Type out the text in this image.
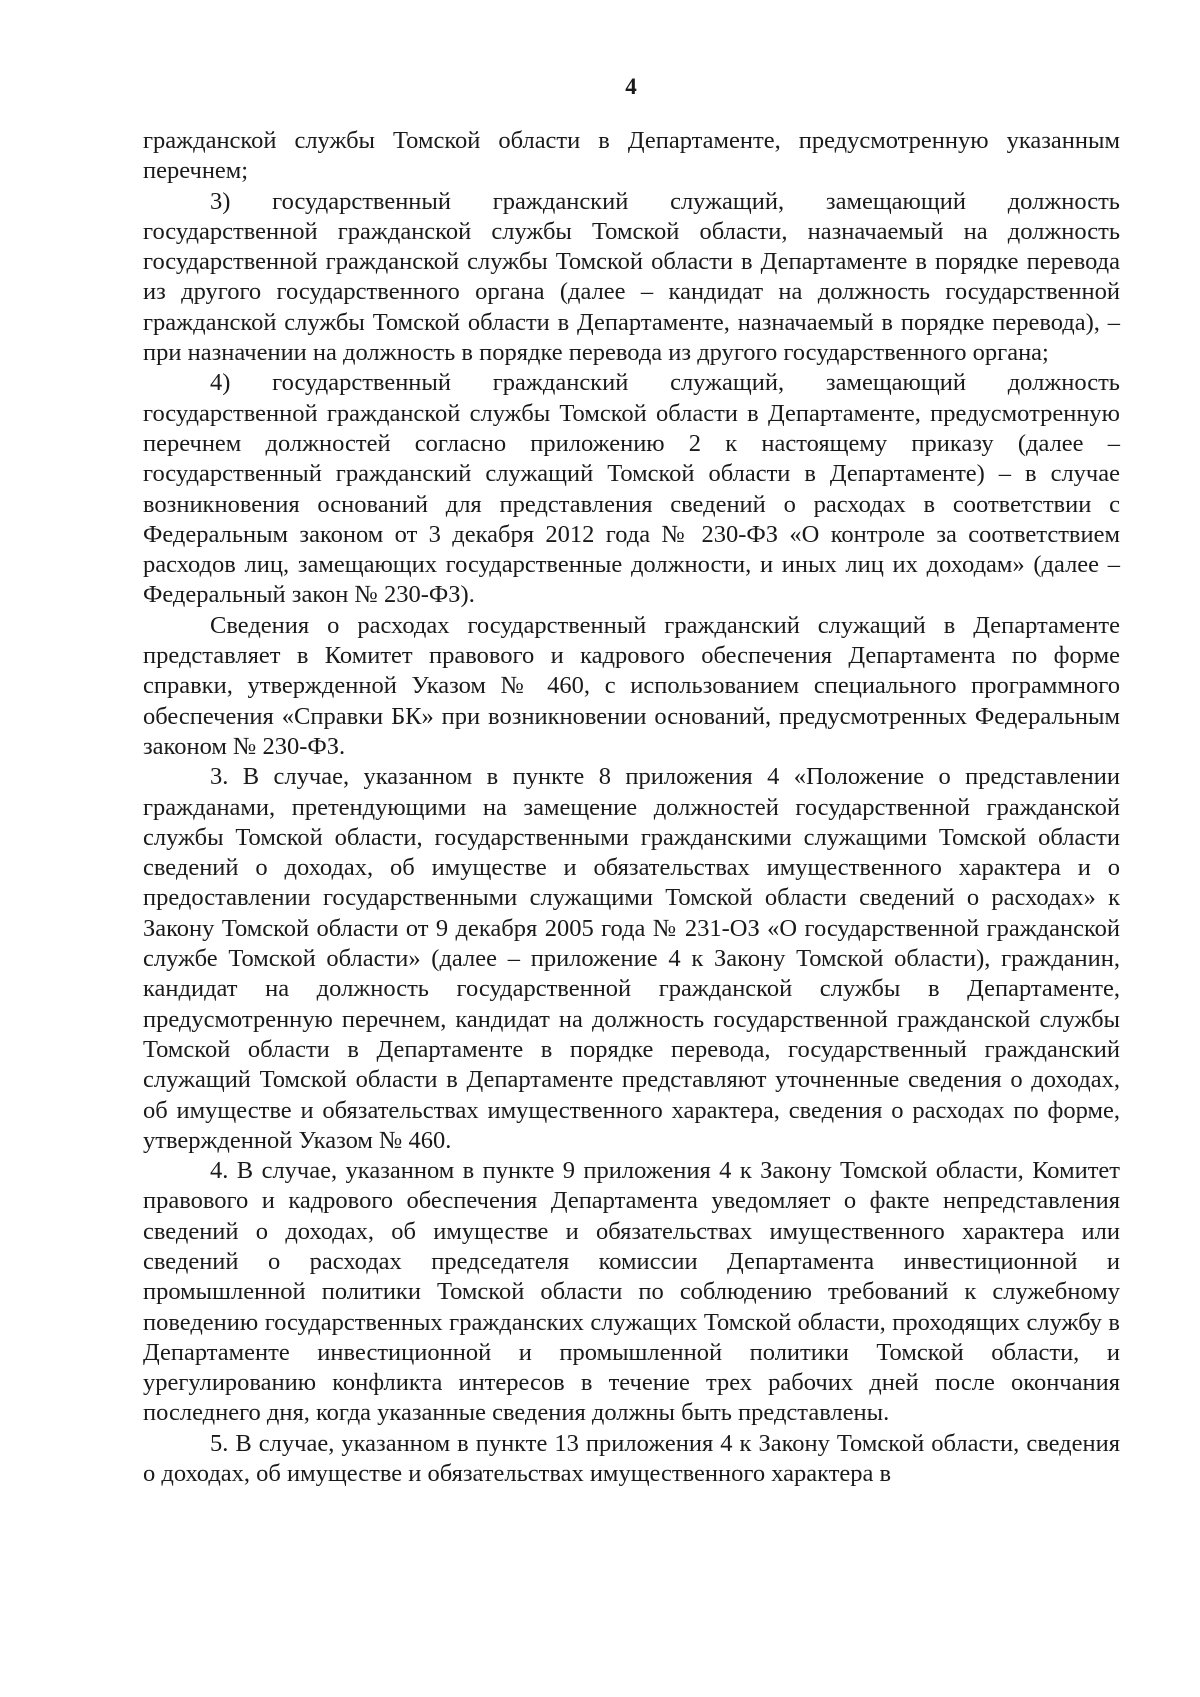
4

гражданской службы Томской области в Департаменте, предусмотренную указанным перечнем;

3) государственный гражданский служащий, замещающий должность государственной гражданской службы Томской области, назначаемый на должность государственной гражданской службы Томской области в Департаменте в порядке перевода из другого государственного органа (далее – кандидат на должность государственной гражданской службы Томской области в Департаменте, назначаемый в порядке перевода), – при назначении на должность в порядке перевода из другого государственного органа;

4) государственный гражданский служащий, замещающий должность государственной гражданской службы Томской области в Департаменте, предусмотренную перечнем должностей согласно приложению 2 к настоящему приказу (далее – государственный гражданский служащий Томской области в Департаменте) – в случае возникновения оснований для представления сведений о расходах в соответствии с Федеральным законом от 3 декабря 2012 года № 230-ФЗ «О контроле за соответствием расходов лиц, замещающих государственные должности, и иных лиц их доходам» (далее – Федеральный закон № 230-ФЗ).

Сведения о расходах государственный гражданский служащий в Департаменте представляет в Комитет правового и кадрового обеспечения Департамента по форме справки, утвержденной Указом № 460, с использованием специального программного обеспечения «Справки БК» при возникновении оснований, предусмотренных Федеральным законом № 230-ФЗ.

3. В случае, указанном в пункте 8 приложения 4 «Положение о представлении гражданами, претендующими на замещение должностей государственной гражданской службы Томской области, государственными гражданскими служащими Томской области сведений о доходах, об имуществе и обязательствах имущественного характера и о предоставлении государственными служащими Томской области сведений о расходах» к Закону Томской области от 9 декабря 2005 года № 231-ОЗ «О государственной гражданской службе Томской области» (далее – приложение 4 к Закону Томской области), гражданин, кандидат на должность государственной гражданской службы в Департаменте, предусмотренную перечнем, кандидат на должность государственной гражданской службы Томской области в Департаменте в порядке перевода, государственный гражданский служащий Томской области в Департаменте представляют уточненные сведения о доходах, об имуществе и обязательствах имущественного характера, сведения о расходах по форме, утвержденной Указом № 460.

4. В случае, указанном в пункте 9 приложения 4 к Закону Томской области, Комитет правового и кадрового обеспечения Департамента уведомляет о факте непредставления сведений о доходах, об имуществе и обязательствах имущественного характера или сведений о расходах председателя комиссии Департамента инвестиционной и промышленной политики Томской области по соблюдению требований к служебному поведению государственных гражданских служащих Томской области, проходящих службу в Департаменте инвестиционной и промышленной политики Томской области, и урегулированию конфликта интересов в течение трех рабочих дней после окончания последнего дня, когда указанные сведения должны быть представлены.

5. В случае, указанном в пункте 13 приложения 4 к Закону Томской области, сведения о доходах, об имуществе и обязательствах имущественного характера в
